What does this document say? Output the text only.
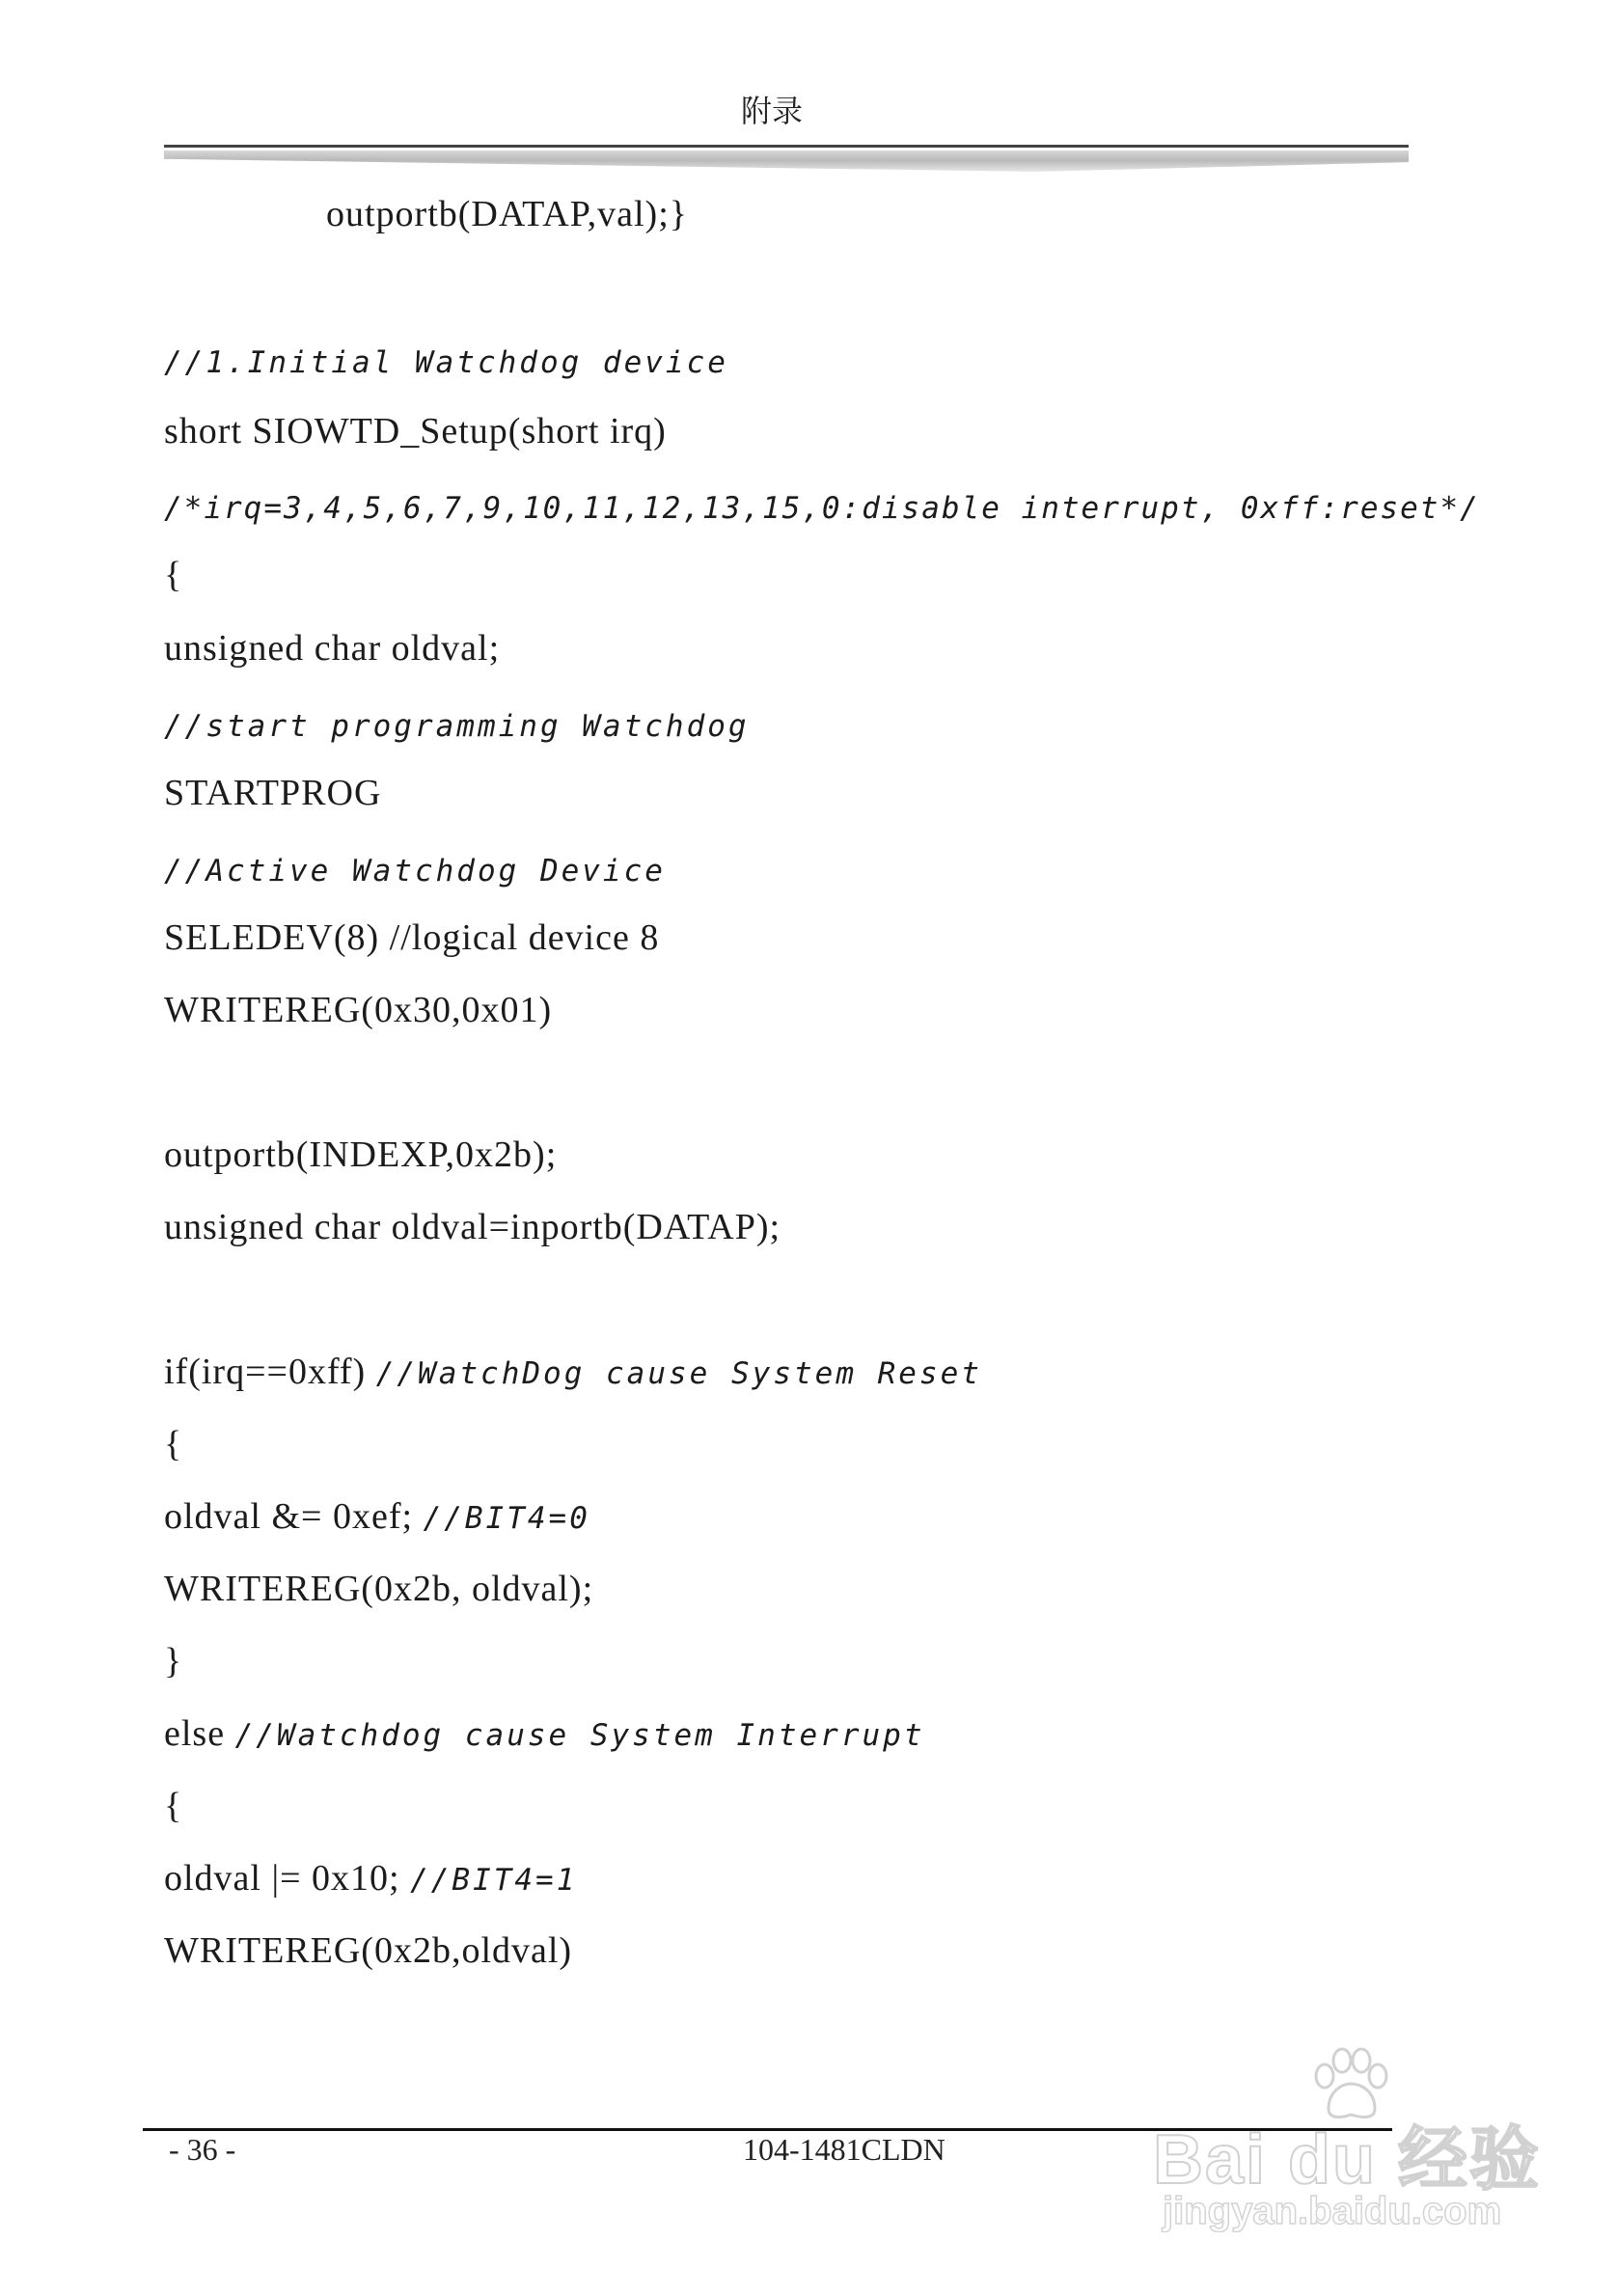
附录
outportb(DATAP,val);}
//1.Initial Watchdog device
short SIOWTD_Setup(short irq)
/*irq=3,4,5,6,7,9,10,11,12,13,15,0:disable interrupt, 0xff:reset*/
{
unsigned char oldval;
//start programming Watchdog
STARTPROG
//Active Watchdog Device
SELEDEV(8) //logical device 8
WRITEREG(0x30,0x01)
outportb(INDEXP,0x2b);
unsigned char oldval=inportb(DATAP);
if(irq==0xff) //WatchDog cause System Reset
{
oldval &= 0xef; //BIT4=0
WRITEREG(0x2b, oldval);
}
else //Watchdog cause System Interrupt
{
oldval |= 0x10; //BIT4=1
WRITEREG(0x2b,oldval)
- 36 -	104-1481CLDN	Bai du 经验
jingyan.baidu.com
